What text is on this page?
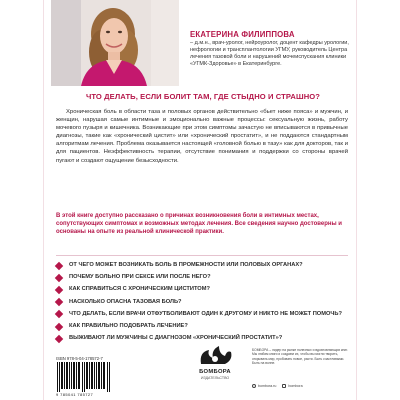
ЕКАТЕРИНА ФИЛИППОВА
– д.м.н., врач-уролог, нейроуролог, доцент кафедры урологии, нефрологии и трансплантологии УГМУ, руководитель Центра лечения тазовой боли и нарушений мочеиспускания клиники «УГМК-Здоровье» в Екатеринбурге.
ЧТО ДЕЛАТЬ, ЕСЛИ БОЛИТ ТАМ, ГДЕ СТЫДНО И СТРАШНО?

Хроническая боль в области таза и половых органов действительно «бьет ниже пояса» и мужчин, и женщин, нарушая самые интимные и эмоционально важные процессы: сексуальную жизнь, работу мочевого пузыря и кишечника. Возникающие при этом симптомы зачастую не вписываются в привычные диагнозы, такие как «хронический цистит» или «хронический простатит», и не поддаются стандартным алгоритмам лечения. Проблема оказывается настоящей «головной болью в тазу» как для докторов, так и для пациентов. Неэффективность терапии, отсутствие понимания и поддержки со стороны врачей пугают и создают ощущение безысходности.

В этой книге доступно рассказано о причинах возникновения боли в интимных местах, сопутствующих симптомах и возможных методах лечения. Все сведения научно достоверны и основаны на опыте из реальной клинической практики.
ОТ ЧЕГО МОЖЕТ ВОЗНИКАТЬ БОЛЬ В ПРОМЕЖНОСТИ ИЛИ ПОЛОВЫХ ОРГАНАХ?
ПОЧЕМУ БОЛЬНО ПРИ СЕКСЕ ИЛИ ПОСЛЕ НЕГО?
КАК СПРАВИТЬСЯ С ХРОНИЧЕСКИМ ЦИСТИТОМ?
НАСКОЛЬКО ОПАСНА ТАЗОВАЯ БОЛЬ?
ЧТО ДЕЛАТЬ, ЕСЛИ ВРАЧИ ОТФУТБОЛИВАЮТ ОДИН К ДРУГОМУ И НИКТО НЕ МОЖЕТ ПОМОЧЬ?
КАК ПРАВИЛЬНО ПОДОБРАТЬ ЛЕЧЕНИЕ?
ВЫЖИВАЮТ ЛИ МУЖЧИНЫ С ДИАГНОЗОМ «ХРОНИЧЕСКИЙ ПРОСТАТИТ»?
ISBN 978-5-04-178572-7
9 785041 785727
БОМБОРА
ИЗДАТЕЛЬСТВО
БОМБОРА – лидер на рынке полезных и вдохновляющих книг. Мы любим книги и создаем их, чтобы вы могли творить, открывать мир, пробовать новое, расти. Быть счастливыми. Быть на волне.
bombora.ru	bombora
